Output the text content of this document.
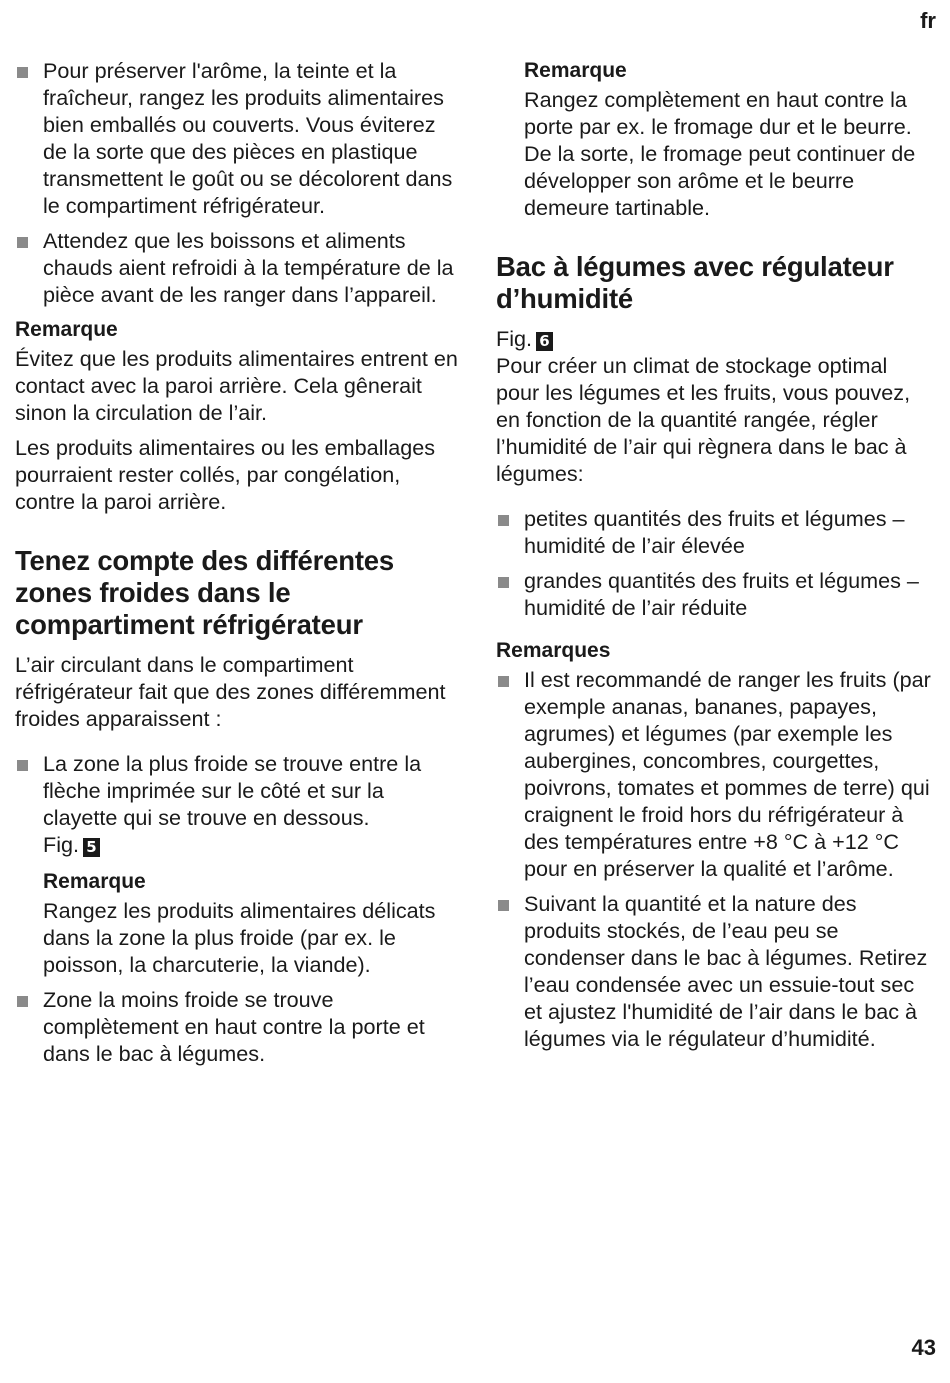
fr

Pour préserver l'arôme, la teinte et la fraîcheur, rangez les produits alimentaires bien emballés ou couverts. Vous éviterez de la sorte que des pièces en plastique transmettent le goût ou se décolorent dans le compartiment réfrigérateur.

Attendez que les boissons et aliments chauds aient refroidi à la température de la pièce avant de les ranger dans l’appareil.

Remarque

Évitez que les produits alimentaires entrent en contact avec la paroi arrière. Cela gênerait sinon la circulation de l’air.

Les produits alimentaires ou les emballages pourraient rester collés, par congélation, contre la paroi arrière.

Tenez compte des différentes zones froides dans le compartiment réfrigérateur

L’air circulant dans le compartiment réfrigérateur fait que des zones différemment froides apparaissent :

La zone la plus froide se trouve entre la flèche imprimée sur le côté et sur la clayette qui se trouve en dessous.
Fig. 5

Remarque

Rangez les produits alimentaires délicats dans la zone la plus froide (par ex. le poisson, la charcuterie, la viande).

Zone la moins froide se trouve complètement en haut contre la porte et dans le bac à légumes.

Remarque

Rangez complètement en haut contre la porte par ex. le fromage dur et le beurre. De la sorte, le fromage peut continuer de développer son arôme et le beurre demeure tartinable.

Bac à légumes avec régulateur d’humidité

Fig. 6

Pour créer un climat de stockage optimal pour les légumes et les fruits, vous pouvez, en fonction de la quantité rangée, régler l’humidité de l’air qui règnera dans le bac à légumes:

petites quantités des fruits et légumes – humidité de l’air élevée

grandes quantités des fruits et légumes – humidité de l’air réduite

Remarques

Il est recommandé de ranger les fruits (par exemple ananas, bananes, papayes, agrumes) et légumes (par exemple les aubergines, concombres, courgettes, poivrons, tomates et pommes de terre) qui craignent le froid hors du réfrigérateur à des températures entre +8 °C à +12 °C pour en préserver la qualité et l’arôme.

Suivant la quantité et la nature des produits stockés, de l’eau peu se condenser dans le bac à légumes. Retirez l’eau condensée avec un essuie-tout sec et ajustez l'humidité de l’air dans le bac à légumes via le régulateur d’humidité.

43
